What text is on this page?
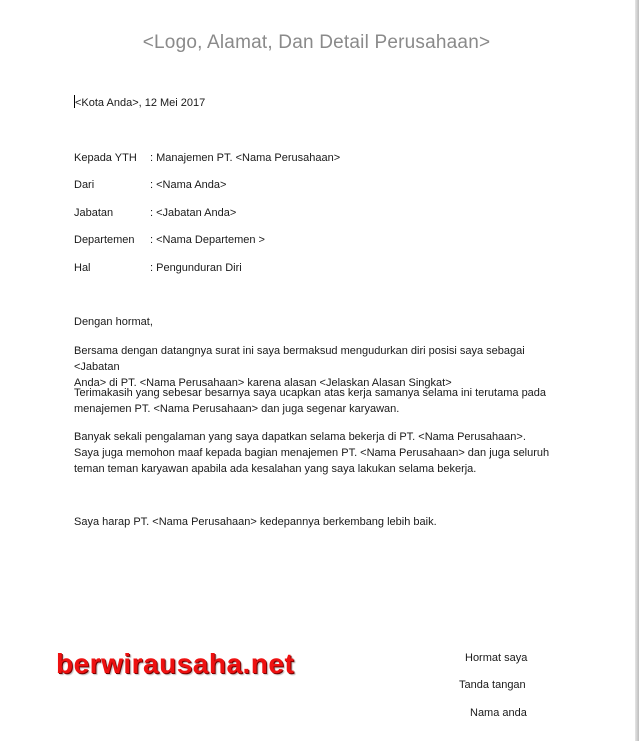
<Logo, Alamat, Dan Detail Perusahaan>
<Kota Anda>, 12 Mei 2017
Kepada YTH : Manajemen PT. <Nama Perusahaan>
Dari	: <Nama Anda>
Jabatan	: <Jabatan Anda>
Departemen : <Nama Departemen >
Hal	: Pengunduran Diri
Dengan hormat,
Bersama dengan datangnya surat ini saya bermaksud mengudurkan diri posisi saya sebagai <Jabatan
Anda> di PT. <Nama Perusahaan> karena alasan <Jelaskan Alasan Singkat>
Terimakasih yang sebesar besarnya saya ucapkan atas kerja samanya selama ini terutama pada
menajemen PT. <Nama Perusahaan> dan juga segenar karyawan.
Banyak sekali pengalaman yang saya dapatkan selama bekerja di PT. <Nama Perusahaan>.
Saya juga memohon maaf kepada bagian menajemen PT. <Nama Perusahaan> dan juga seluruh
teman teman karyawan apabila ada kesalahan yang saya lakukan selama bekerja.
Saya harap PT. <Nama Perusahaan> kedepannya berkembang lebih baik.
berwirausaha.net	Hormat saya
Tanda tangan
Nama anda
